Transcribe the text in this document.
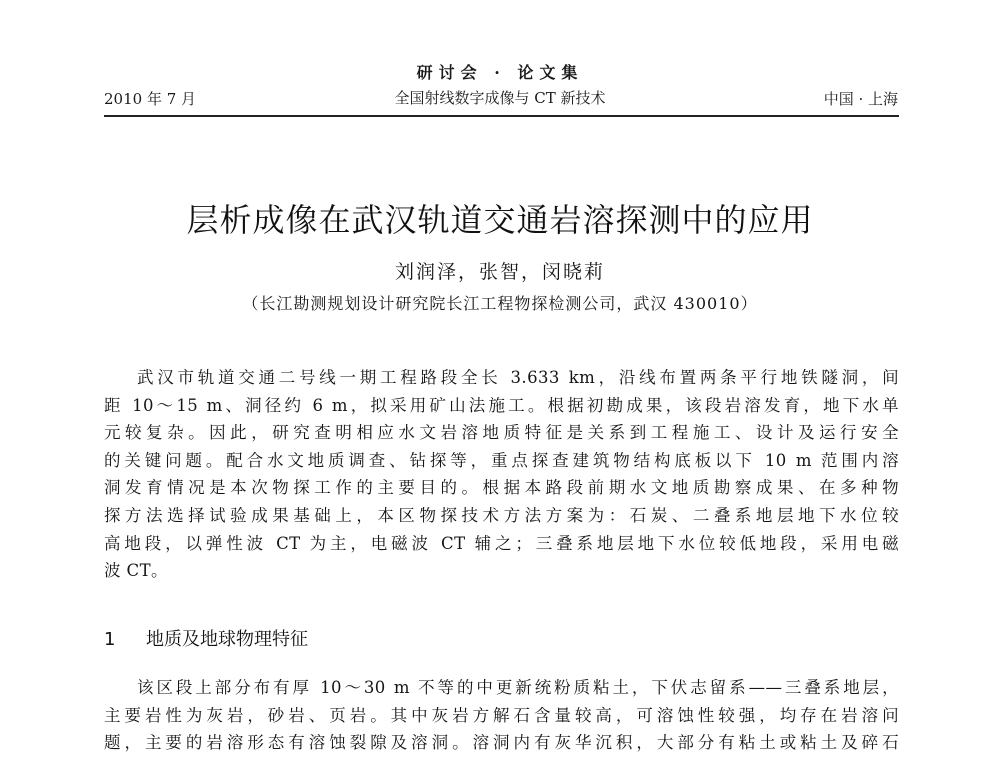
2010 年 7 月
研讨会 · 论文集
全国射线数字成像与 CT 新技术	中国 · 上海
层析成像在武汉轨道交通岩溶探测中的应用
刘润泽，张智，闵晓莉
（长江勘测规划设计研究院长江工程物探检测公司，武汉 430010）
武汉市轨道交通二号线一期工程路段全长 3.633 km，沿线布置两条平行地铁隧洞，间
距 10～15 m、洞径约 6 m，拟采用矿山法施工。根据初勘成果，该段岩溶发育，地下水单
元较复杂。因此，研究查明相应水文岩溶地质特征是关系到工程施工、设计及运行安全
的关键问题。配合水文地质调查、钻探等，重点探查建筑物结构底板以下 10 m 范围内溶
洞发育情况是本次物探工作的主要目的。根据本路段前期水文地质勘察成果、在多种物
探方法选择试验成果基础上，本区物探技术方法方案为：石炭、二叠系地层地下水位较
高地段，以弹性波 CT 为主，电磁波 CT 辅之；三叠系地层地下水位较低地段，采用电磁
波 CT。
1 地质及地球物理特征
该区段上部分布有厚 10～30 m 不等的中更新统粉质粘土，下伏志留系——三叠系地层，
主要岩性为灰岩，砂岩、页岩。其中灰岩方解石含量较高，可溶蚀性较强，均存在岩溶问
题，主要的岩溶形态有溶蚀裂隙及溶洞。溶洞内有灰华沉积，大部分有粘土或粘土及碎石
